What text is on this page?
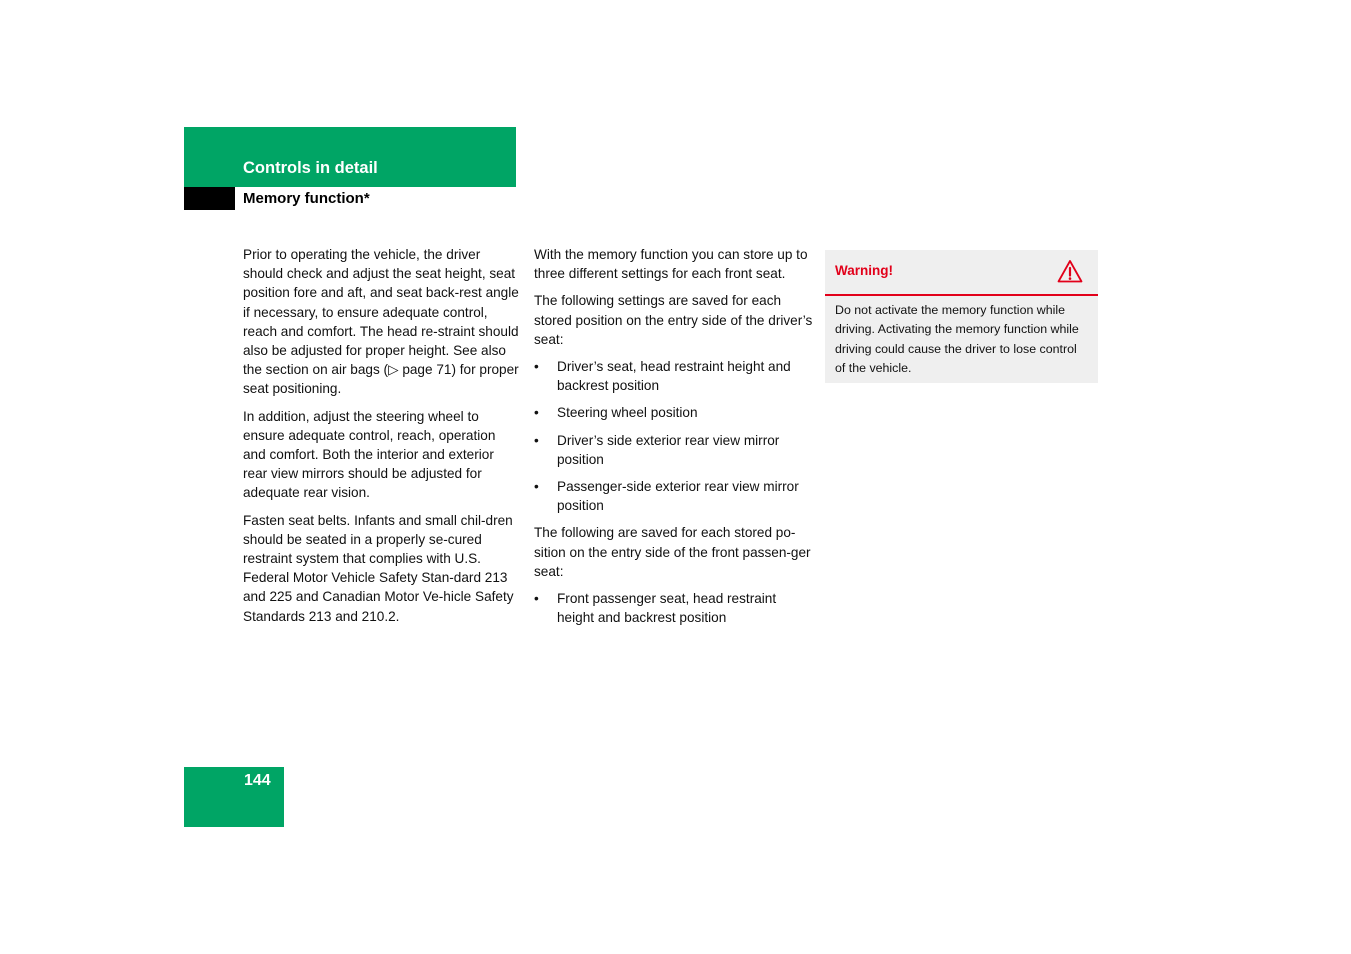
Controls in detail
Memory function*

Prior to operating the vehicle, the driver should check and adjust the seat height, seat position fore and aft, and seat back-rest angle if necessary, to ensure adequate control, reach and comfort. The head re-straint should also be adjusted for proper height. See also the section on air bags (▷ page 71) for proper seat positioning.

In addition, adjust the steering wheel to ensure adequate control, reach, operation and comfort. Both the interior and exterior rear view mirrors should be adjusted for adequate rear vision.

Fasten seat belts. Infants and small chil-dren should be seated in a properly se-cured restraint system that complies with U.S. Federal Motor Vehicle Safety Stan-dard 213 and 225 and Canadian Motor Ve-hicle Safety Standards 213 and 210.2.

With the memory function you can store up to three different settings for each front seat.

The following settings are saved for each stored position on the entry side of the driver’s seat:

• Driver’s seat, head restraint height and backrest position
• Steering wheel position
• Driver’s side exterior rear view mirror position
• Passenger-side exterior rear view mirror position

The following are saved for each stored po-sition on the entry side of the front passen-ger seat:

• Front passenger seat, head restraint height and backrest position
Warning!
Do not activate the memory function while driving. Activating the memory function while driving could cause the driver to lose control of the vehicle.
144
